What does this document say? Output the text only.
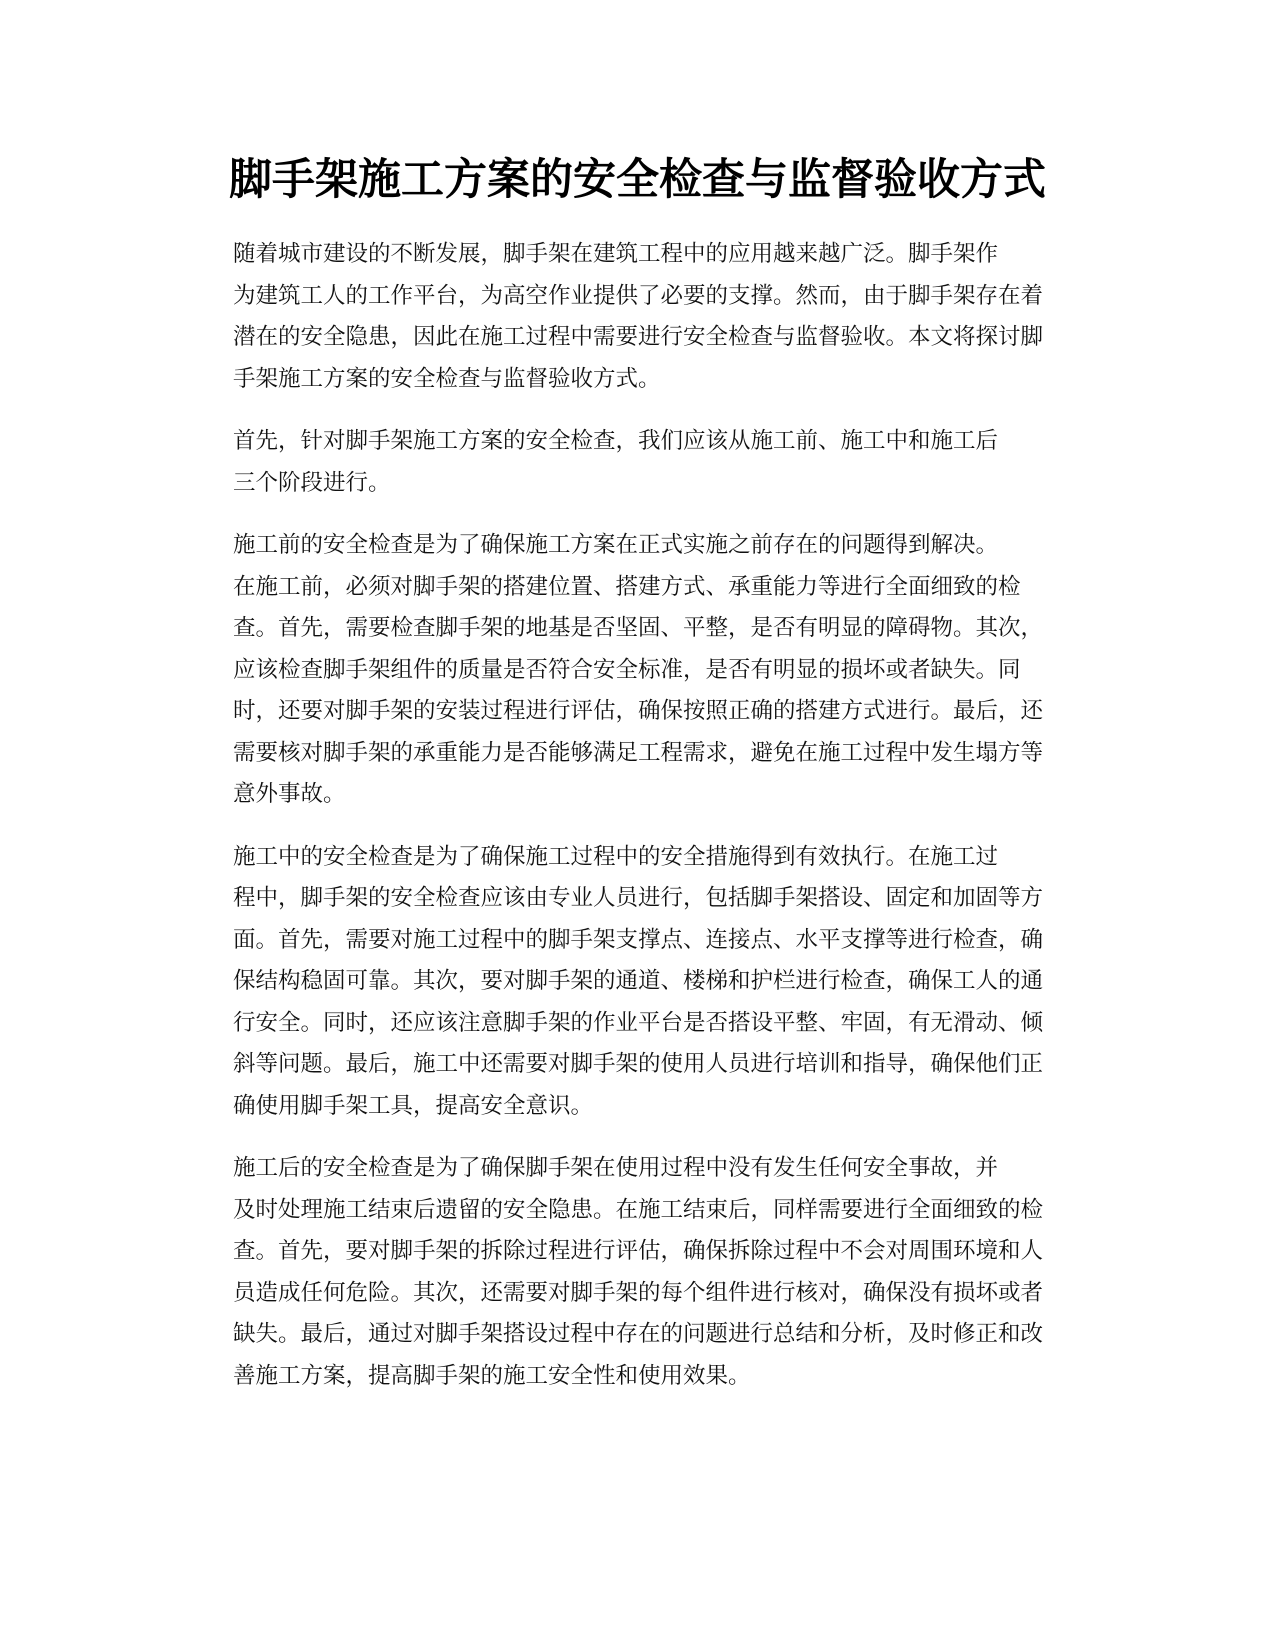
脚手架施工方案的安全检查与监督验收方式

随着城市建设的不断发展，脚手架在建筑工程中的应用越来越广泛。脚手架作
为建筑工人的工作平台，为高空作业提供了必要的支撑。然而，由于脚手架存在着
潜在的安全隐患，因此在施工过程中需要进行安全检查与监督验收。本文将探讨脚
手架施工方案的安全检查与监督验收方式。

首先，针对脚手架施工方案的安全检查，我们应该从施工前、施工中和施工后
三个阶段进行。

施工前的安全检查是为了确保施工方案在正式实施之前存在的问题得到解决。
在施工前，必须对脚手架的搭建位置、搭建方式、承重能力等进行全面细致的检
查。首先，需要检查脚手架的地基是否坚固、平整，是否有明显的障碍物。其次，
应该检查脚手架组件的质量是否符合安全标准，是否有明显的损坏或者缺失。同
时，还要对脚手架的安装过程进行评估，确保按照正确的搭建方式进行。最后，还
需要核对脚手架的承重能力是否能够满足工程需求，避免在施工过程中发生塌方等
意外事故。

施工中的安全检查是为了确保施工过程中的安全措施得到有效执行。在施工过
程中，脚手架的安全检查应该由专业人员进行，包括脚手架搭设、固定和加固等方
面。首先，需要对施工过程中的脚手架支撑点、连接点、水平支撑等进行检查，确
保结构稳固可靠。其次，要对脚手架的通道、楼梯和护栏进行检查，确保工人的通
行安全。同时，还应该注意脚手架的作业平台是否搭设平整、牢固，有无滑动、倾
斜等问题。最后，施工中还需要对脚手架的使用人员进行培训和指导，确保他们正
确使用脚手架工具，提高安全意识。

施工后的安全检查是为了确保脚手架在使用过程中没有发生任何安全事故，并
及时处理施工结束后遗留的安全隐患。在施工结束后，同样需要进行全面细致的检
查。首先，要对脚手架的拆除过程进行评估，确保拆除过程中不会对周围环境和人
员造成任何危险。其次，还需要对脚手架的每个组件进行核对，确保没有损坏或者
缺失。最后，通过对脚手架搭设过程中存在的问题进行总结和分析，及时修正和改
善施工方案，提高脚手架的施工安全性和使用效果。
